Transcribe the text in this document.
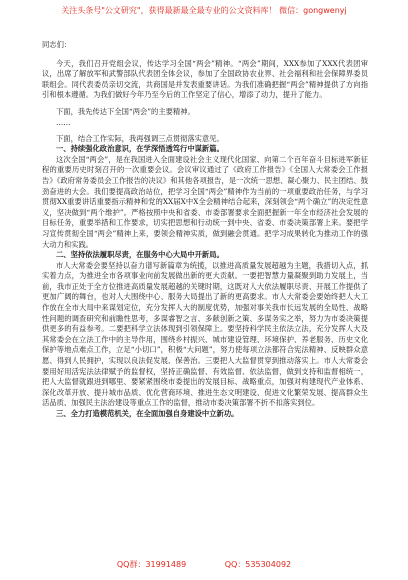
关注头条号"公文研究"，获得最新最全最专业的公文资料库！ 微信：gongwenyj

同志们：

今天，我们召开党组会议，传达学习全国“两会”精神。“两会”期间，XXX参加了XXX代表团审议，出席了解放军和武警部队代表团全体会议，参加了全国政协农业界、社会福利和社会保障界委员联组会。同代表委员亲切交流，共商国是并发表重要讲话。为我们准确把握“两会”精神提供了方向指引和根本遵循。为我们做好今年乃至今后的工作坚定了信心，增添了动力，提升了能力。

下面，我先传达下全国“两会”的主要精神。

……

下面，结合工作实际，我再强调三点贯彻落实意见。

一、持续强化政治意识，在学深悟透笃行中谋新篇。

这次全国“两会”，是在我国进入全面建设社会主义现代化国家、向第二个百年奋斗目标进军新征程的重要历史时刻召开的一次重要会议。会议审议通过了《政府工作报告》《全国人大常委会工作报告》《政府常务委员会工作报告的决议》和其他各项报告，是一次统一思想、凝心聚力、民主团结、鼓劲奋进的大会。我们要提高政治站位，把学习全国“两会”精神作为当前的一项重要政治任务，与学习贯彻XX重要讲话重要指示精神和党的XX届X中X全会精神结合起来，深刻领会“两个确立”的决定性意义，坚决做到“两个维护”。严格按照中央和省委、市委部署要求全面把握新一年全市经济社会发展的目标任务，重要举措和工作要求，切实把思想和行动统一到中央、省委、市委决策部署上来。要把学习宣传贯彻全国“两会”精神上来，要领会精神实质，做到融会贯通。把学习成果转化为推动工作的强大动力和实践。

二、坚持依法履职尽责，在服务中心大局中开新局。

市人大常委会要坚持以奋力谱写新篇章为统揽，以推进高质量发展超越为主题，我措切入点，抓实着力点，为推进全市各项事业向前发展做出新的更大贡献。一要把智慧力量凝聚到助力发展上，当前，我市正处于全方位推进高质量发展超越的关键时期，这既对人大依法履职尽责、开展工作提供了更加广阔的舞台，也对人大围绕中心、服务大局提出了新的更高要求。市人大常委会要始终把人大工作放在全市大局中来谋划定位，充分发挥人大的制度优势，加强对事关我市长远发展的全局性、战略性问题的调查研究和前瞻性思考，多谋睿智之言、多献创新之策、多谋务实之举，努力为市委决策提供更多的有益参考。二要把科学立法体现到引领保障上。要坚持科学民主依法立法，充分发挥人大及其常委会在立法工作中的主导作用，围绕乡村振兴、城市建设管理、环境保护、养老服务、历史文化保护等地点难点工作，立足“小切口”，积极“大问题”，努力使每项立法都符合宪法精神、反映群众意愿、得到人民拥护，实现以良法促发展、保善治。三要把人大监督贯穿到推动落实上。市人大常委会要用好用活宪法法律赋予的监督权，坚持正确监督、有效监督、依法监督，做到支持和监督相统一，把人大监督就跟进到哪里、要紧紧围绕市委提出的发展目标、战略重点，加强对构建现代产业体系、深化改革开放、提升城市品质、优化营商环境、推进生态文明建设、促进文化繁荣发展、提高群众生活品质、加强民主法治建设等重点工作的监督，推动市委决策部署不折不扣落实到位。

三、全力打造模范机关，在全面加强自身建设中立新功。

QQ群：31991489	QQ：535304092
